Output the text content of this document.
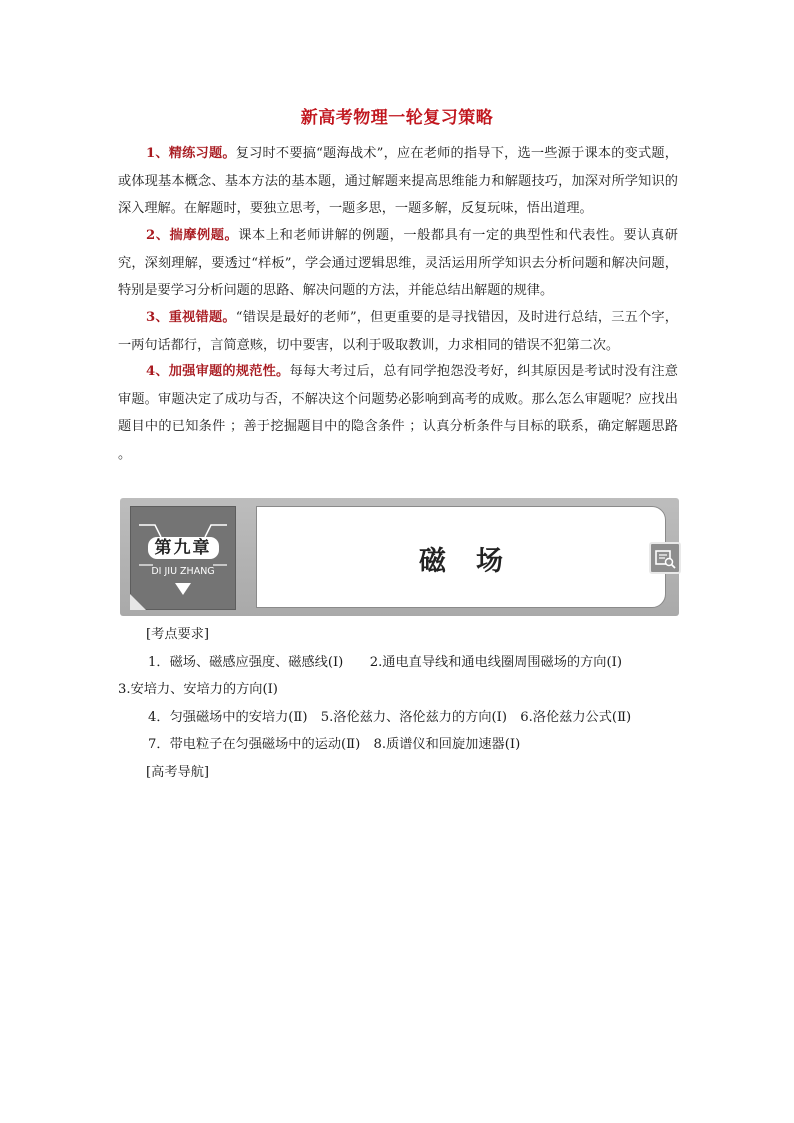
新高考物理一轮复习策略

1、精练习题。复习时不要搞“题海战术”，应在老师的指导下，选一些源于课本的变式题，或体现基本概念、基本方法的基本题，通过解题来提高思维能力和解题技巧，加深对所学知识的深入理解。在解题时，要独立思考，一题多思，一题多解，反复玩味，悟出道理。

2、揣摩例题。课本上和老师讲解的例题，一般都具有一定的典型性和代表性。要认真研究，深刻理解，要透过“样板”，学会通过逻辑思维，灵活运用所学知识去分析问题和解决问题，特别是要学习分析问题的思路、解决问题的方法，并能总结出解题的规律。

3、重视错题。“错误是最好的老师”，但更重要的是寻找错因，及时进行总结，三五个字，一两句话都行，言简意赅，切中要害，以利于吸取教训，力求相同的错误不犯第二次。

4、加强审题的规范性。每每大考过后，总有同学抱怨没考好，纠其原因是考试时没有注意审题。审题决定了成功与否，不解决这个问题势必影响到高考的成败。那么怎么审题呢？应找出题目中的已知条件 ；善于挖掘题目中的隐含条件 ；认真分析条件与目标的联系，确定解题思路 。

第九章
DI JIU ZHANG	磁场
[考点要求]
1．磁场、磁感应强度、磁感线(Ⅰ)　　2.通电直导线和通电线圈周围磁场的方向(Ⅰ)
3.安培力、安培力的方向(Ⅰ)
4．匀强磁场中的安培力(Ⅱ)　5.洛伦兹力、洛伦兹力的方向(Ⅰ)　6.洛伦兹力公式(Ⅱ)
7．带电粒子在匀强磁场中的运动(Ⅱ)　8.质谱仪和回旋加速器(Ⅰ)
[高考导航]
